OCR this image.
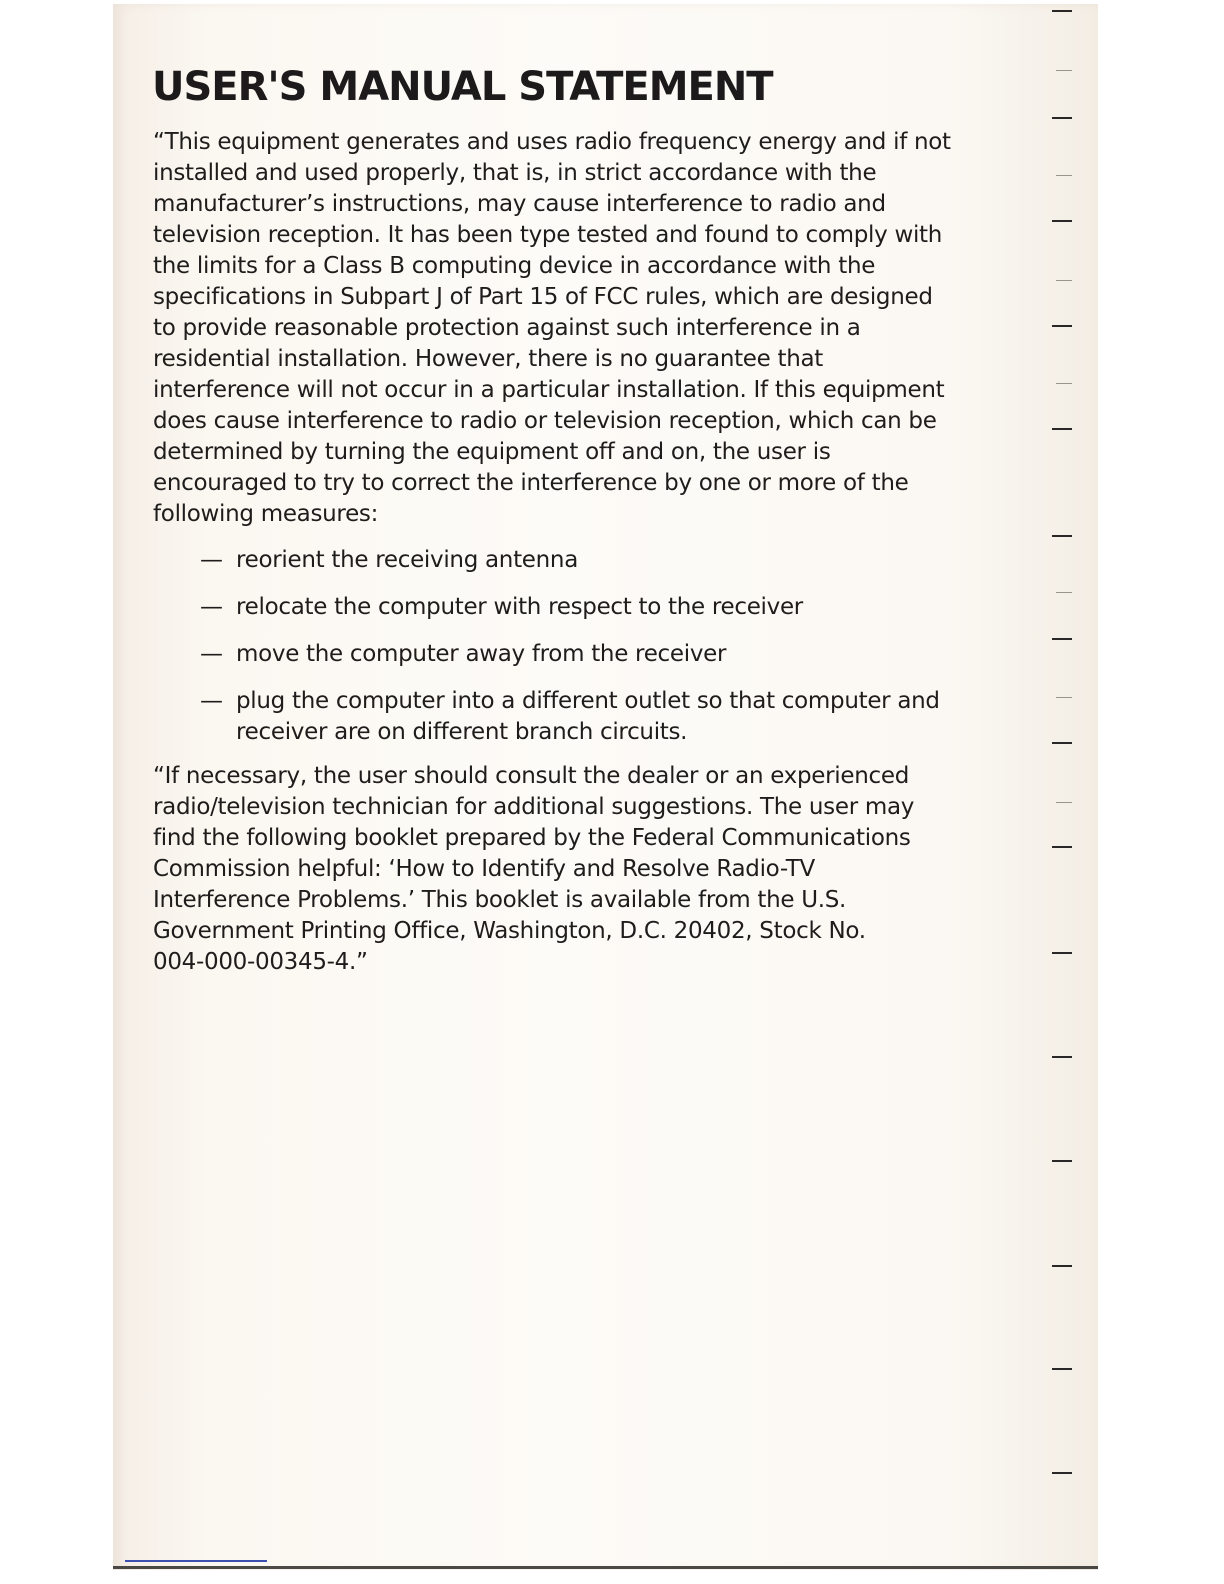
USER'S MANUAL STATEMENT

“This equipment generates and uses radio frequency energy and if not
installed and used properly, that is, in strict accordance with the
manufacturer’s instructions, may cause interference to radio and
television reception. It has been type tested and found to comply with
the limits for a Class B computing device in accordance with the
specifications in Subpart J of Part 15 of FCC rules, which are designed
to provide reasonable protection against such interference in a
residential installation. However, there is no guarantee that
interference will not occur in a particular installation. If this equipment
does cause interference to radio or television reception, which can be
determined by turning the equipment off and on, the user is
encouraged to try to correct the interference by one or more of the
following measures:

— reorient the receiving antenna
— relocate the computer with respect to the receiver
— move the computer away from the receiver
— plug the computer into a different outlet so that computer and
receiver are on different branch circuits.

“If necessary, the user should consult the dealer or an experienced
radio/television technician for additional suggestions. The user may
find the following booklet prepared by the Federal Communications
Commission helpful: ‘How to Identify and Resolve Radio-TV
Interference Problems.’ This booklet is available from the U.S.
Government Printing Office, Washington, D.C. 20402, Stock No.
004-000-00345-4.”
